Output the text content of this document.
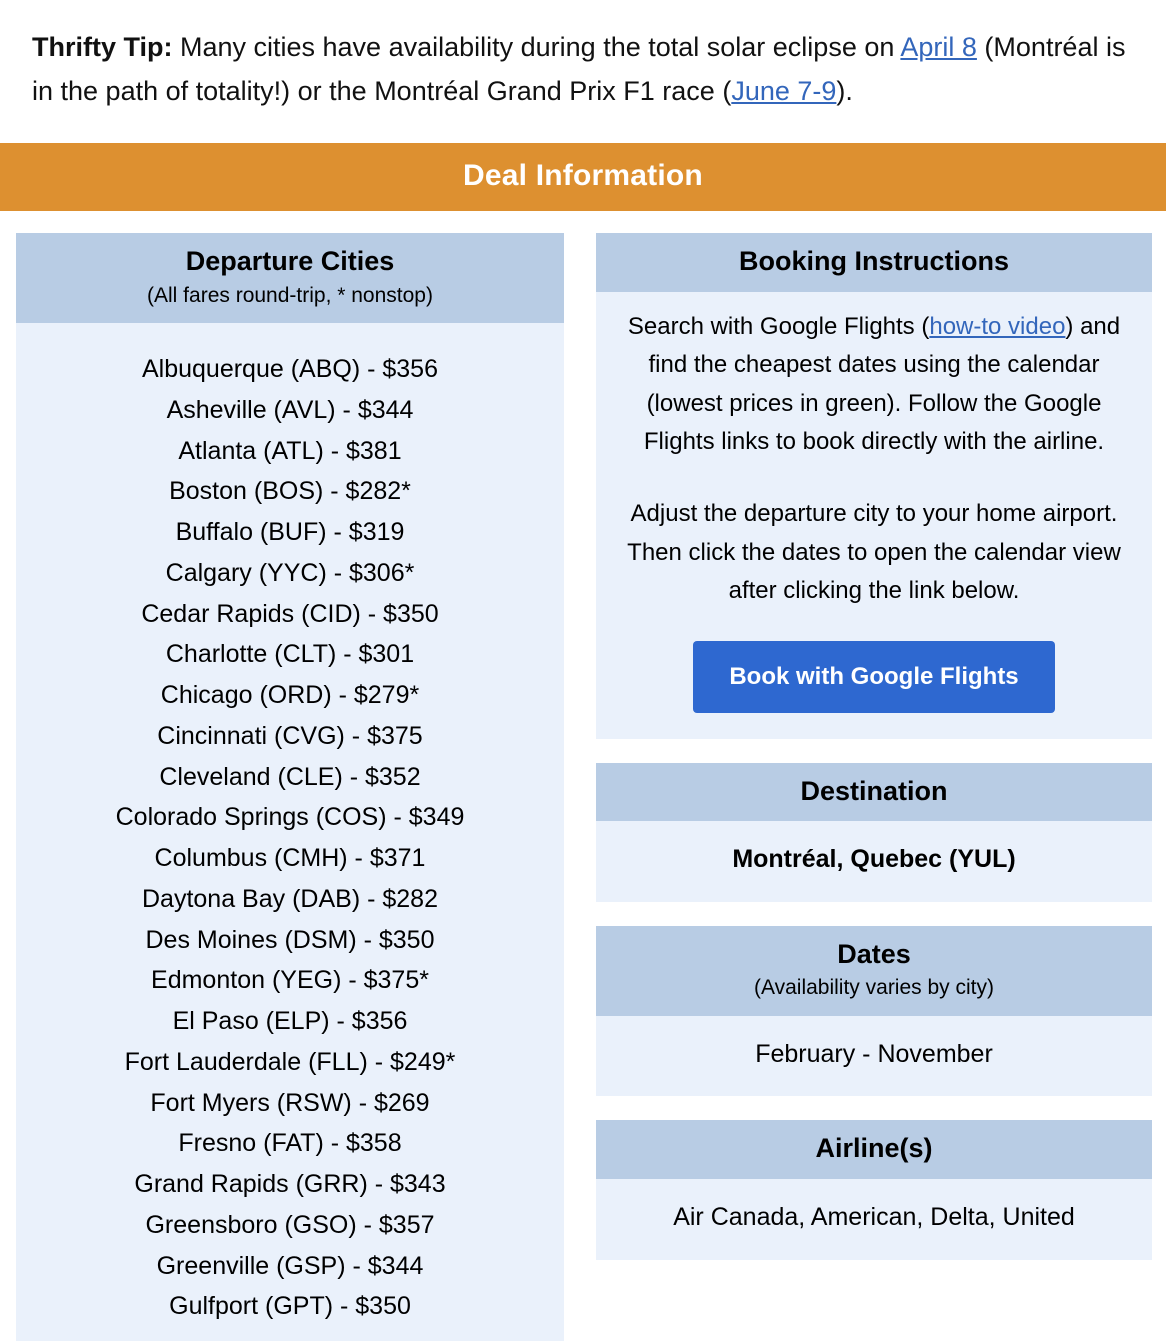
Thrifty Tip: Many cities have availability during the total solar eclipse on April 8 (Montréal is in the path of totality!) or the Montréal Grand Prix F1 race (June 7-9).
Deal Information
Departure Cities
(All fares round-trip, * nonstop)
Albuquerque (ABQ) - $356
Asheville (AVL) - $344
Atlanta (ATL) - $381
Boston (BOS) - $282*
Buffalo (BUF) - $319
Calgary (YYC) - $306*
Cedar Rapids (CID) - $350
Charlotte (CLT) - $301
Chicago (ORD) - $279*
Cincinnati (CVG) - $375
Cleveland (CLE) - $352
Colorado Springs (COS) - $349
Columbus (CMH) - $371
Daytona Bay (DAB) - $282
Des Moines (DSM) - $350
Edmonton (YEG) - $375*
El Paso (ELP) - $356
Fort Lauderdale (FLL) - $249*
Fort Myers (RSW) - $269
Fresno (FAT) - $358
Grand Rapids (GRR) - $343
Greensboro (GSO) - $357
Greenville (GSP) - $344
Gulfport (GPT) - $350
Booking Instructions

Search with Google Flights (how-to video) and find the cheapest dates using the calendar (lowest prices in green). Follow the Google Flights links to book directly with the airline.

Adjust the departure city to your home airport. Then click the dates to open the calendar view after clicking the link below.

Book with Google Flights
Destination
Montréal, Quebec (YUL)
Dates
(Availability varies by city)
February - November
Airline(s)
Air Canada, American, Delta, United
